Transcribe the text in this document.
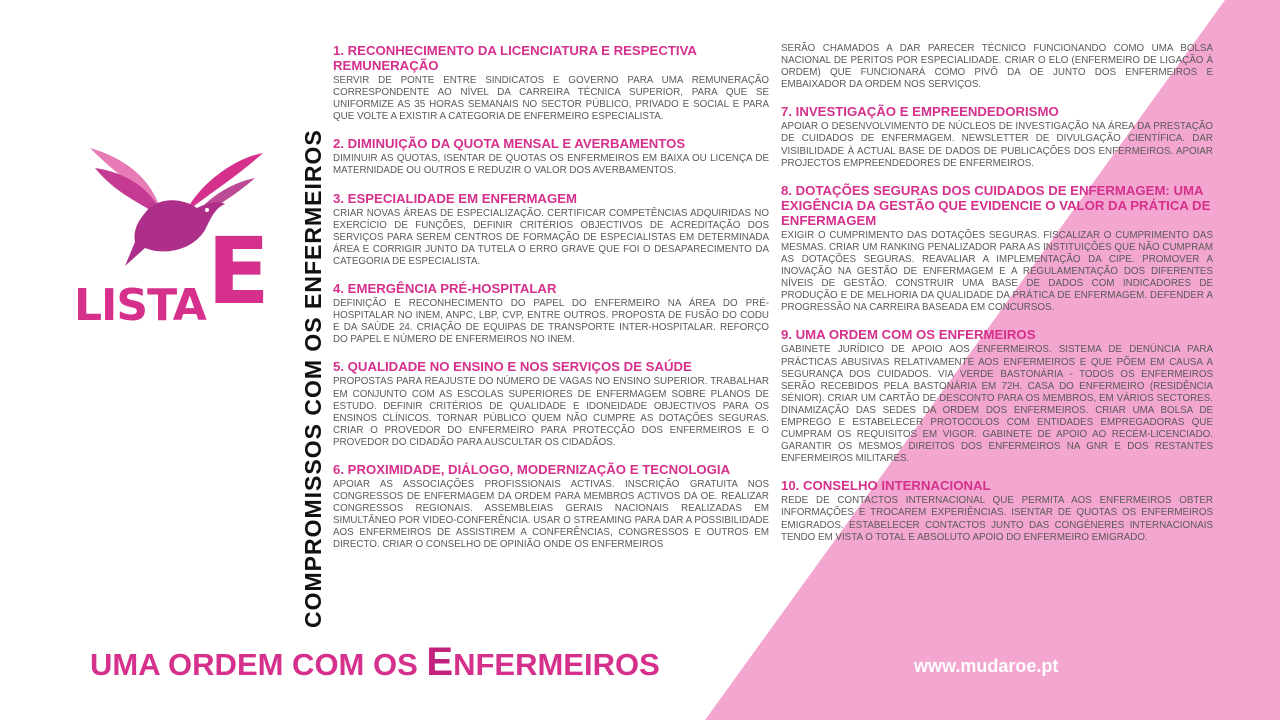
LISTA E COMPROMISSOS COM OS ENFERMEIROS
1. RECONHECIMENTO DA LICENCIATURA E RESPECTIVA REMUNERAÇÃO

SERVIR DE PONTE ENTRE SINDICATOS E GOVERNO PARA UMA REMUNERAÇÃO CORRESPONDENTE AO NÍVEL DA CARREIRA TÉCNICA SUPERIOR, PARA QUE SE UNIFORMIZE AS 35 HORAS SEMANAIS NO SECTOR PÚBLICO, PRIVADO E SOCIAL E PARA QUE VOLTE A EXISTIR A CATEGORIA DE ENFERMEIRO ESPECIALISTA.

2. DIMINUIÇÃO DA QUOTA MENSAL E AVERBAMENTOS

DIMINUIR AS QUOTAS, ISENTAR DE QUOTAS OS ENFERMEIROS EM BAIXA OU LICENÇA DE MATERNIDADE OU OUTROS E REDUZIR O VALOR DOS AVERBAMENTOS.

3. ESPECIALIDADE EM ENFERMAGEM

CRIAR NOVAS ÁREAS DE ESPECIALIZAÇÃO. CERTIFICAR COMPETÊNCIAS ADQUIRIDAS NO EXERCÍCIO DE FUNÇÕES, DEFINIR CRITÉRIOS OBJECTIVOS DE ACREDITAÇÃO DOS SERVIÇOS PARA SEREM CENTROS DE FORMAÇÃO DE ESPECIALISTAS EM DETERMINADA ÁREA E CORRIGIR JUNTO DA TUTELA O ERRO GRAVE QUE FOI O DESAPARECIMENTO DA CATEGORIA DE ESPECIALISTA.

4. EMERGÊNCIA PRÉ-HOSPITALAR

DEFINIÇÃO E RECONHECIMENTO DO PAPEL DO ENFERMEIRO NA ÁREA DO PRÉ-HOSPITALAR NO INEM, ANPC, LBP, CVP, ENTRE OUTROS. PROPOSTA DE FUSÃO DO CODU E DA SAÚDE 24. CRIAÇÃO DE EQUIPAS DE TRANSPORTE INTER-HOSPITALAR. REFORÇO DO PAPEL E NÚMERO DE ENFERMEIROS NO INEM.

5. QUALIDADE NO ENSINO E NOS SERVIÇOS DE SAÚDE

PROPOSTAS PARA REAJUSTE DO NÚMERO DE VAGAS NO ENSINO SUPERIOR. TRABALHAR EM CONJUNTO COM AS ESCOLAS SUPERIORES DE ENFERMAGEM SOBRE PLANOS DE ESTUDO. DEFINIR CRITÉRIOS DE QUALIDADE E IDONEIDADE OBJECTIVOS PARA OS ENSINOS CLÍNICOS. TORNAR PÚBLICO QUEM NÃO CUMPRE AS DOTAÇÕES SEGURAS. CRIAR O PROVEDOR DO ENFERMEIRO PARA PROTECÇÃO DOS ENFERMEIROS E O PROVEDOR DO CIDADÃO PARA AUSCULTAR OS CIDADÃOS.

6. PROXIMIDADE, DIÁLOGO, MODERNIZAÇÃO E TECNOLOGIA

APOIAR AS ASSOCIAÇÕES PROFISSIONAIS ACTIVAS. INSCRIÇÃO GRATUITA NOS CONGRESSOS DE ENFERMAGEM DA ORDEM PARA MEMBROS ACTIVOS DA OE. REALIZAR CONGRESSOS REGIONAIS. ASSEMBLEIAS GERAIS NACIONAIS REALIZADAS EM SIMULTÂNEO POR VIDEO-CONFERÊNCIA. USAR O STREAMING PARA DAR A POSSIBILIDADE AOS ENFERMEIROS DE ASSISTIREM A CONFERÊNCIAS, CONGRESSOS E OUTROS EM DIRECTO. CRIAR O CONSELHO DE OPINIÃO ONDE OS ENFERMEIROS

SERÃO CHAMADOS A DAR PARECER TÉCNICO FUNCIONANDO COMO UMA BOLSA NACIONAL DE PERITOS POR ESPECIALIDADE. CRIAR O ELO (ENFERMEIRO DE LIGAÇÃO À ORDEM) QUE FUNCIONARÁ COMO PIVÔ DA OE JUNTO DOS ENFERMEIROS E EMBAIXADOR DA ORDEM NOS SERVIÇOS.
7. INVESTIGAÇÃO E EMPREENDEDORISMO

APOIAR O DESENVOLVIMENTO DE NÚCLEOS DE INVESTIGAÇÃO NA ÁREA DA PRESTAÇÃO DE CUIDADOS DE ENFERMAGEM. NEWSLETTER DE DIVULGAÇÃO CIENTÍFICA. DAR VISIBILIDADE À ACTUAL BASE DE DADOS DE PUBLICAÇÕES DOS ENFERMEIROS. APOIAR PROJECTOS EMPREENDEDORES DE ENFERMEIROS.

8. DOTAÇÕES SEGURAS DOS CUIDADOS DE ENFERMAGEM: UMA EXIGÊNCIA DA GESTÃO QUE EVIDENCIE O VALOR DA PRÁTICA DE ENFERMAGEM

EXIGIR O CUMPRIMENTO DAS DOTAÇÕES SEGURAS. FISCALIZAR O CUMPRIMENTO DAS MESMAS. CRIAR UM RANKING PENALIZADOR PARA AS INSTITUIÇÕES QUE NÃO CUMPRAM AS DOTAÇÕES SEGURAS. REAVALIAR A IMPLEMENTAÇÃO DA CIPE. PROMOVER A INOVAÇÃO NA GESTÃO DE ENFERMAGEM E A REGULAMENTAÇÃO DOS DIFERENTES NÍVEIS DE GESTÃO. CONSTRUIR UMA BASE DE DADOS COM INDICADORES DE PRODUÇÃO E DE MELHORIA DA QUALIDADE DA PRÁTICA DE ENFERMAGEM. DEFENDER A PROGRESSÃO NA CARREIRA BASEADA EM CONCURSOS.

9. UMA ORDEM COM OS ENFERMEIROS

GABINETE JURÍDICO DE APOIO AOS ENFERMEIROS. SISTEMA DE DENÚNCIA PARA PRÁCTICAS ABUSIVAS RELATIVAMENTE AOS ENFERMEIROS E QUE PÕEM EM CAUSA A SEGURANÇA DOS CUIDADOS. VIA VERDE BASTONÁRIA - TODOS OS ENFERMEIROS SERÃO RECEBIDOS PELA BASTONÁRIA EM 72H. CASA DO ENFERMEIRO (RESIDÊNCIA SÉNIOR). CRIAR UM CARTÃO DE DESCONTO PARA OS MEMBROS, EM VÁRIOS SECTORES. DINAMIZAÇÃO DAS SEDES DA ORDEM DOS ENFERMEIROS. CRIAR UMA BOLSA DE EMPREGO E ESTABELECER PROTOCOLOS COM ENTIDADES EMPREGADORAS QUE CUMPRAM OS REQUISITOS EM VIGOR. GABINETE DE APOIO AO RECÉM-LICENCIADO. GARANTIR OS MESMOS DIREITOS DOS ENFERMEIROS NA GNR E DOS RESTANTES ENFERMEIROS MILITARES.

10. CONSELHO INTERNACIONAL

REDE DE CONTACTOS INTERNACIONAL QUE PERMITA AOS ENFERMEIROS OBTER INFORMAÇÕES E TROCAREM EXPERIÊNCIAS. ISENTAR DE QUOTAS OS ENFERMEIROS EMIGRADOS. ESTABELECER CONTACTOS JUNTO DAS CONGÉNERES INTERNACIONAIS TENDO EM VISTA O TOTAL E ABSOLUTO APOIO DO ENFERMEIRO EMIGRADO.

UMA ORDEM COM OS ENFERMEIROS	www.mudaroe.pt
